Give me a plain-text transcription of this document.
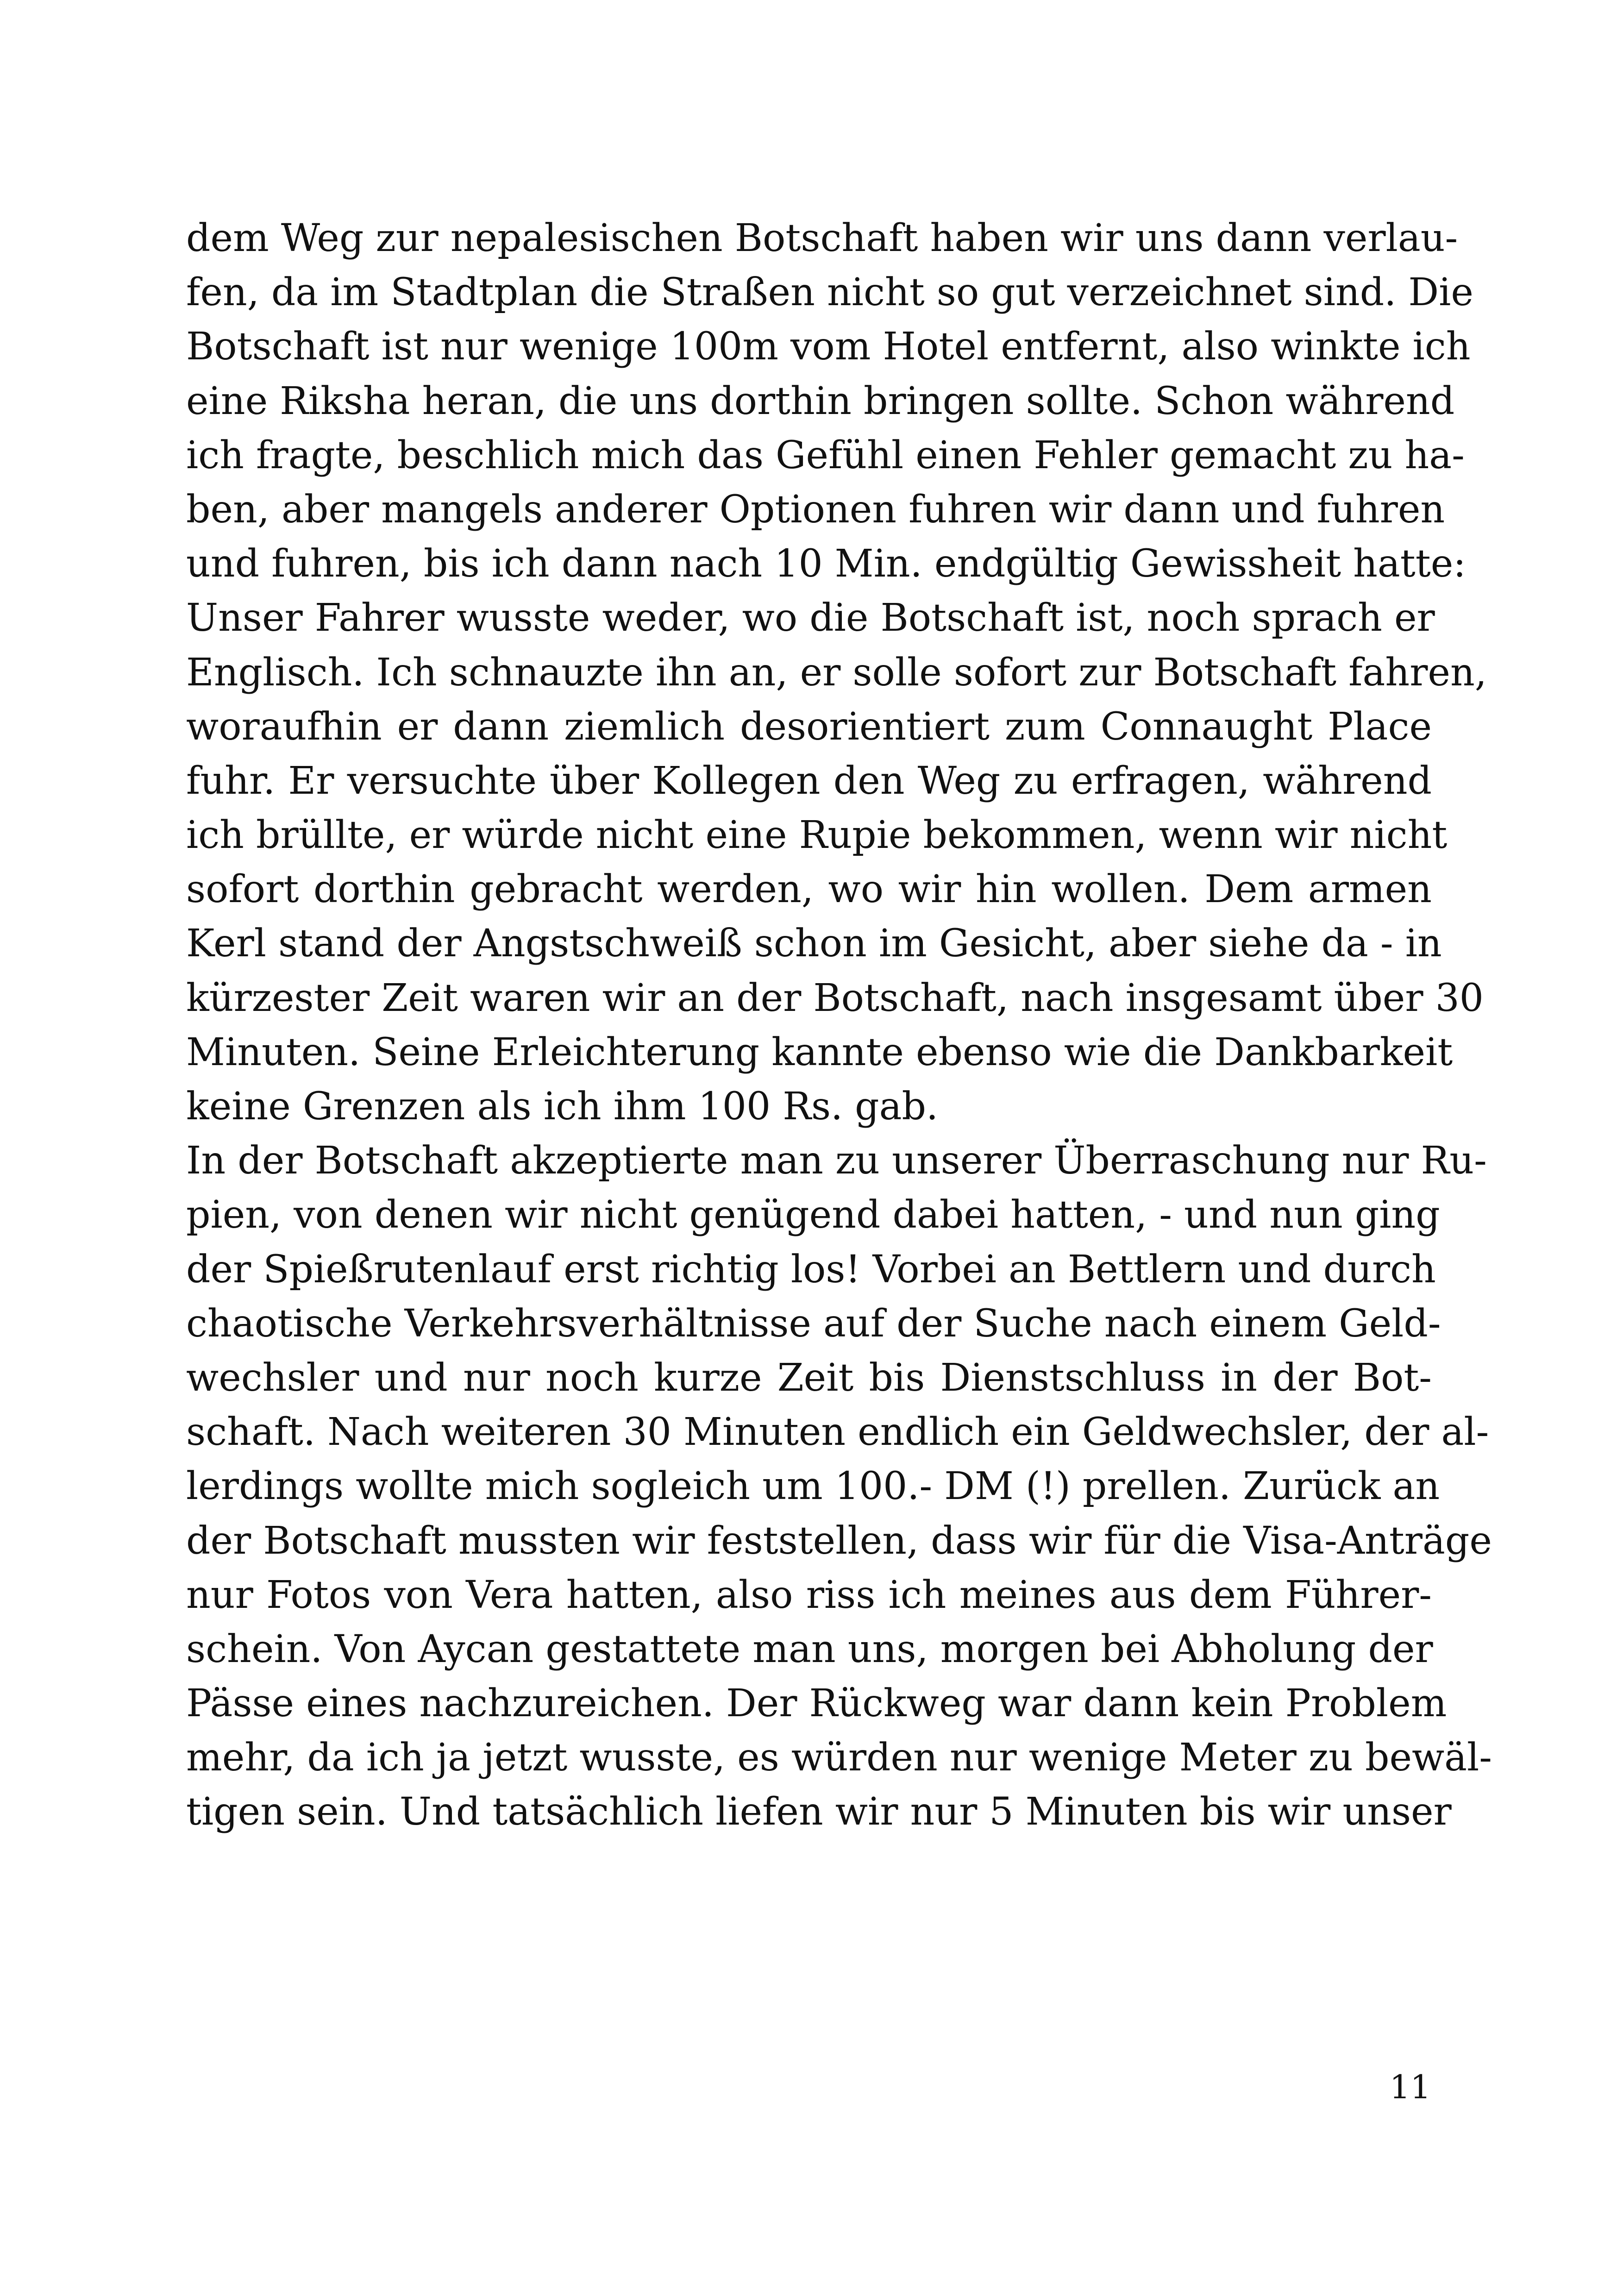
dem Weg zur nepalesischen Botschaft haben wir uns dann verlau-
fen, da im Stadtplan die Straßen nicht so gut verzeichnet sind. Die
Botschaft ist nur wenige 100m vom Hotel entfernt, also winkte ich
eine Riksha heran, die uns dorthin bringen sollte. Schon während
ich fragte, beschlich mich das Gefühl einen Fehler gemacht zu ha-
ben, aber mangels anderer Optionen fuhren wir dann und fuhren
und fuhren, bis ich dann nach 10 Min. endgültig Gewissheit hatte:
Unser Fahrer wusste weder, wo die Botschaft ist, noch sprach er
Englisch. Ich schnauzte ihn an, er solle sofort zur Botschaft fahren,
woraufhin er dann ziemlich desorientiert zum Connaught Place
fuhr. Er versuchte über Kollegen den Weg zu erfragen, während
ich brüllte, er würde nicht eine Rupie bekommen, wenn wir nicht
sofort dorthin gebracht werden, wo wir hin wollen. Dem armen
Kerl stand der Angstschweiß schon im Gesicht, aber siehe da - in
kürzester Zeit waren wir an der Botschaft, nach insgesamt über 30
Minuten. Seine Erleichterung kannte ebenso wie die Dankbarkeit
keine Grenzen als ich ihm 100 Rs. gab.
In der Botschaft akzeptierte man zu unserer Überraschung nur Ru-
pien, von denen wir nicht genügend dabei hatten, - und nun ging
der Spießrutenlauf erst richtig los! Vorbei an Bettlern und durch
chaotische Verkehrsverhältnisse auf der Suche nach einem Geld-
wechsler und nur noch kurze Zeit bis Dienstschluss in der Bot-
schaft. Nach weiteren 30 Minuten endlich ein Geldwechsler, der al-
lerdings wollte mich sogleich um 100.- DM (!) prellen. Zurück an
der Botschaft mussten wir feststellen, dass wir für die Visa-Anträge
nur Fotos von Vera hatten, also riss ich meines aus dem Führer-
schein. Von Aycan gestattete man uns, morgen bei Abholung der
Pässe eines nachzureichen. Der Rückweg war dann kein Problem
mehr, da ich ja jetzt wusste, es würden nur wenige Meter zu bewäl-
tigen sein. Und tatsächlich liefen wir nur 5 Minuten bis wir unser
11
